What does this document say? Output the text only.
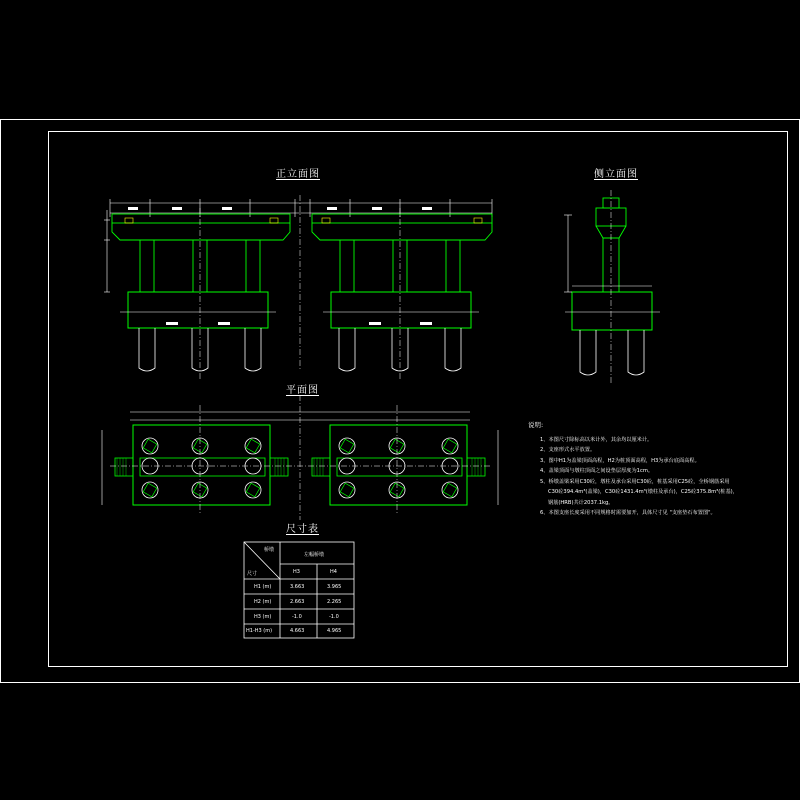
正立面图	侧立面图
平面图
尺寸表
桥墩
尺寸
左幅桥墩
H3	H4
H1 (m)	3.663	3.965
H2 (m)	2.663	2.265
H3 (m)	-1.0	-1.0
H1-H3 (m)	4.663	4.965
说明:
1、本图尺寸除标高以米计外，其余均以厘米计。
2、支座形式水平放置。
3、图中H1为盖梁顶面高程，H2为桩顶面高程，H3为承台底面高程。
4、盖梁顶面与墩柱顶面之间设垫层厚度为1cm。
5、桥墩盖梁采用C30砼，墩柱及承台采用C30砼，桩基采用C25砼，全桥钢筋采用
C30砼394.4m³(盖梁)，C30砼1431.4m³(墩柱及承台)，C25砼375.8m³(桩基)，
钢筋(HRB)共计2037.1kg。
6、本图支座长度采用不同规格时需要加开，具体尺寸见 "支座垫石布置图"。
